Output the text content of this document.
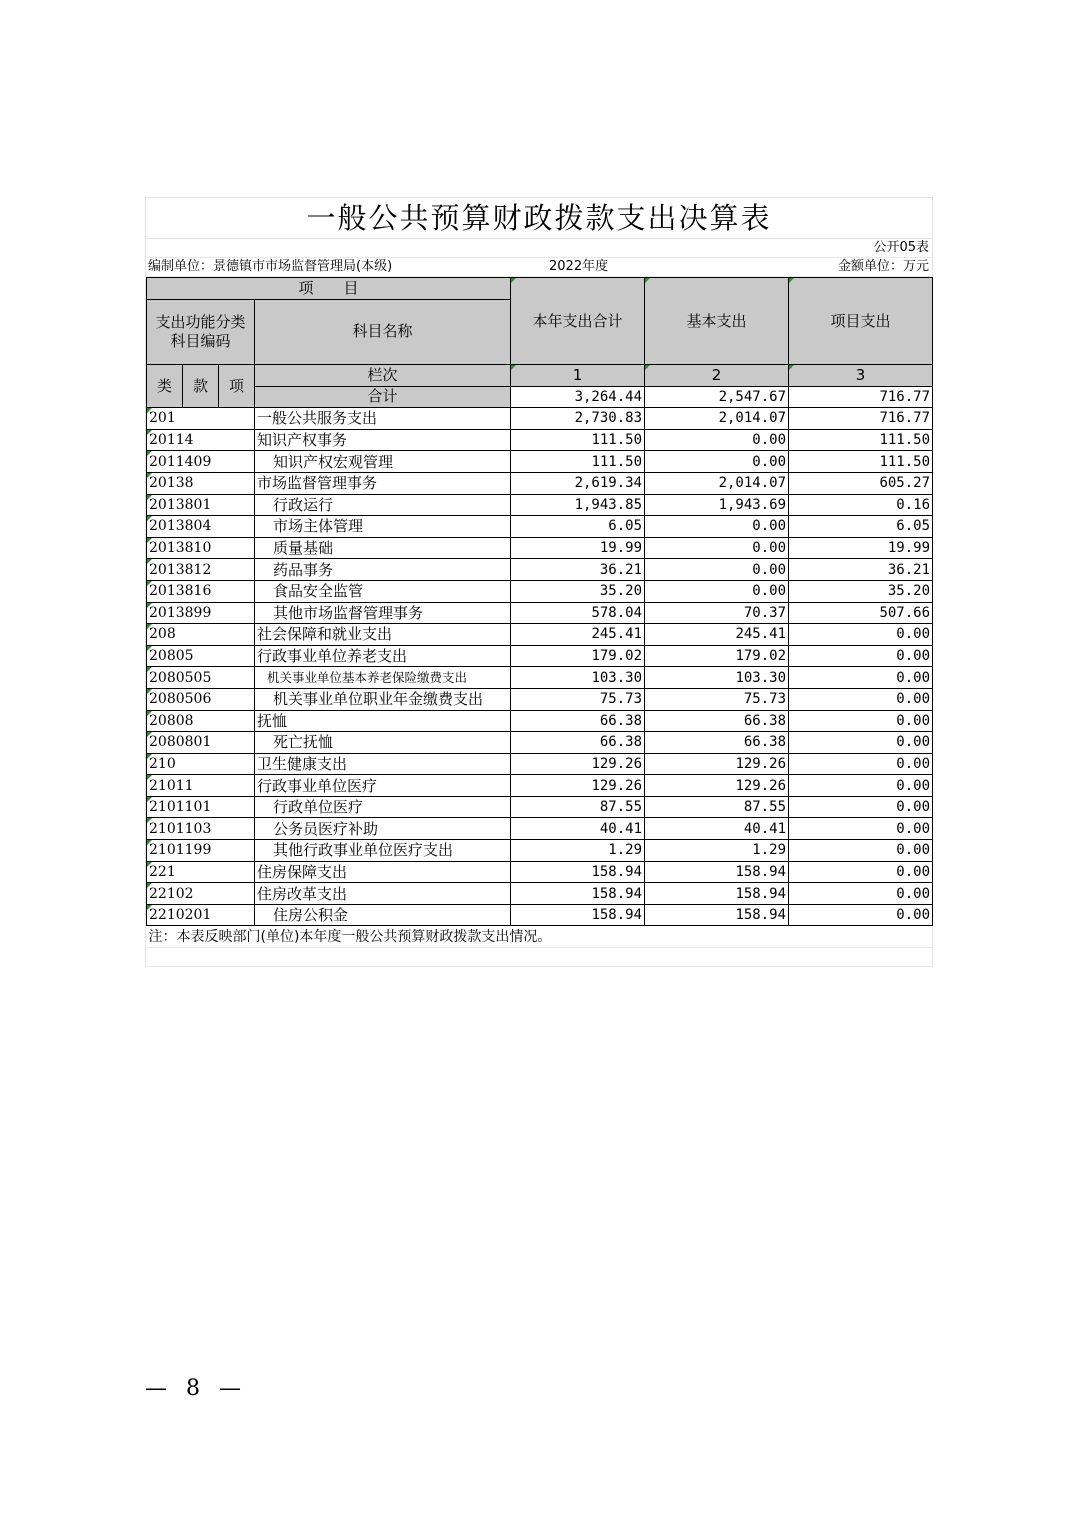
一般公共预算财政拨款支出决算表
公开05表
编制单位：景德镇市市场监督管理局(本级)	2022年度	金额单位：万元
项　　目				本年支出合计	基本支出	项目支出
支出功能分类
科目编码			科目名称			

类	款	项	栏次	1	2	3
			合计	3,264.44	2,547.67	716.77
201			一般公共服务支出	2,730.83	2,014.07	716.77
20114			知识产权事务	111.50	0.00	111.50
2011409			知识产权宏观管理	111.50	0.00	111.50
20138			市场监督管理事务	2,619.34	2,014.07	605.27
2013801			行政运行	1,943.85	1,943.69	0.16
2013804			市场主体管理	6.05	0.00	6.05
2013810			质量基础	19.99	0.00	19.99
2013812			药品事务	36.21	0.00	36.21
2013816			食品安全监管	35.20	0.00	35.20
2013899			其他市场监督管理事务	578.04	70.37	507.66
208			社会保障和就业支出	245.41	245.41	0.00
20805			行政事业单位养老支出	179.02	179.02	0.00
2080505			机关事业单位基本养老保险缴费支出	103.30	103.30	0.00
2080506			机关事业单位职业年金缴费支出	75.73	75.73	0.00
20808			抚恤	66.38	66.38	0.00
2080801			死亡抚恤	66.38	66.38	0.00
210			卫生健康支出	129.26	129.26	0.00
21011			行政事业单位医疗	129.26	129.26	0.00
2101101			行政单位医疗	87.55	87.55	0.00
2101103			公务员医疗补助	40.41	40.41	0.00
2101199			其他行政事业单位医疗支出	1.29	1.29	0.00
221			住房保障支出	158.94	158.94	0.00
22102			住房改革支出	158.94	158.94	0.00
2210201			住房公积金	158.94	158.94	0.00
注：本表反映部门(单位)本年度一般公共预算财政拨款支出情况。						

— 8 —
